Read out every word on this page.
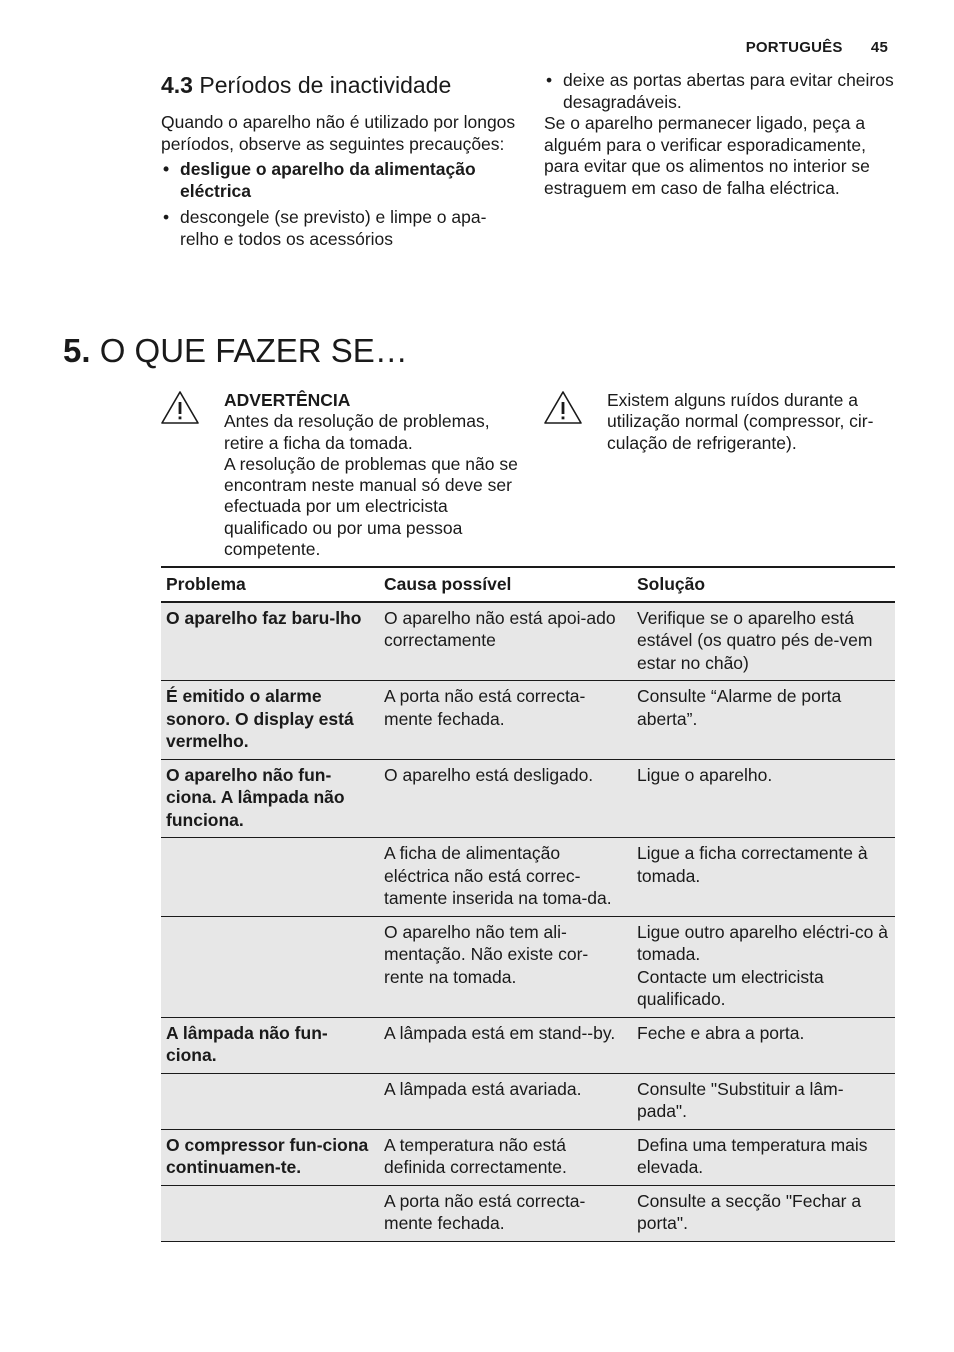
PORTUGUÊS 45
4.3 Períodos de inactividade

Quando o aparelho não é utilizado por longos períodos, observe as seguintes precauções:

• desligue o aparelho da alimentação eléctrica
• descongele (se previsto) e limpe o apa-relho e todos os acessórios
• deixe as portas abertas para evitar cheiros desagradáveis.

Se o aparelho permanecer ligado, peça a alguém para o verificar esporadicamente, para evitar que os alimentos no interior se estraguem em caso de falha eléctrica.

5. O QUE FAZER SE…
ADVERTÊNCIA
Antes da resolução de problemas, retire a ficha da tomada.
A resolução de problemas que não se encontram neste manual só deve ser efectuada por um electricista qualificado ou por uma pessoa competente.
Existem alguns ruídos durante a utilização normal (compressor, cir-culação de refrigerante).
Problema	Causa possível	Solução
O aparelho faz baru-lho	O aparelho não está apoi-ado correctamente	Verifique se o aparelho está estável (os quatro pés de-vem estar no chão)
É emitido o alarme sonoro. O display está vermelho.	A porta não está correcta-mente fechada.	Consulte “Alarme de porta aberta”.
O aparelho não fun-ciona. A lâmpada não funciona.	O aparelho está desligado.	Ligue o aparelho.
	A ficha de alimentação eléctrica não está correc-tamente inserida na toma-da.	Ligue a ficha correctamente à tomada.
	O aparelho não tem ali-mentação. Não existe cor-rente na tomada.	Ligue outro aparelho eléctri-co à tomada.
Contacte um electricista qualificado.

A lâmpada não fun-ciona.	A lâmpada está em stand--by.	Feche e abra a porta.
	A lâmpada está avariada.	Consulte "Substituir a lâm-pada".
O compressor fun-ciona continuamen-te.	A temperatura não está definida correctamente.	Defina uma temperatura mais elevada.
	A porta não está correcta-mente fechada.	Consulte a secção "Fechar a porta".
